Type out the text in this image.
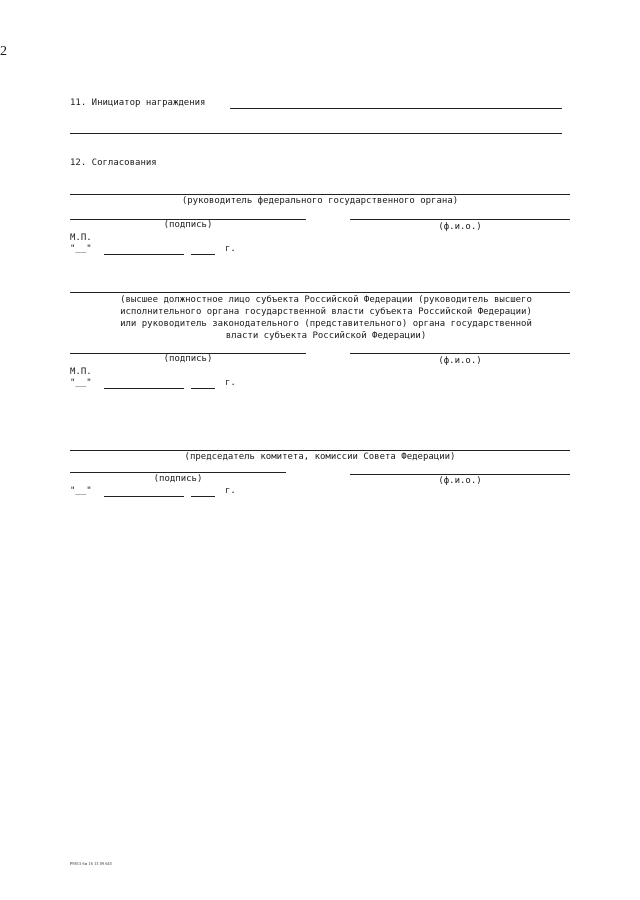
2
11. Инициатор награждения
12. Согласования
(руководитель федерального государственного органа)
(подпись)	(ф.и.о.)
М.П.
"__"	г.
(высшее должностное лицо субъекта Российской Федерации (руководитель высшего
исполнительного органа государственной власти субъекта Российской Федерации)
или руководитель законодательного (представительного) органа государственной
власти субъекта Российской Федерации)
(подпись)	(ф.и.о.)
М.П.
"__"	г.
(председатель комитета, комиссии Совета Федерации)
(подпись)	(ф.и.о.)
"__"	г.
Р9813 бм 16 13 09 645
